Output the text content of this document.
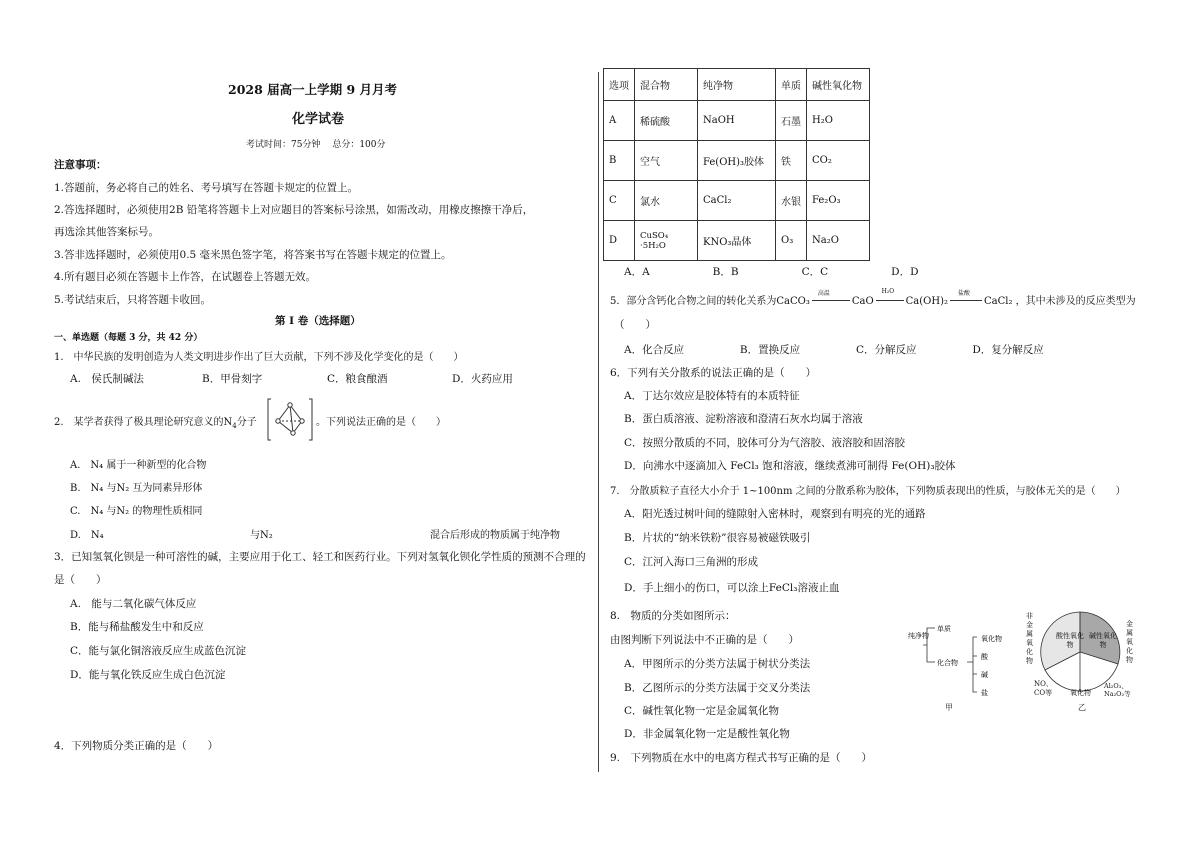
2028 届高一上学期 9 月月考
化学试卷
考试时间：75分钟　 总分：100分
注意事项：
1.答题前，务必将自己的姓名、考号填写在答题卡规定的位置上。
2.答选择题时，必须使用2B 铅笔将答题卡上对应题目的答案标号涂黑，如需改动，用橡皮擦擦干净后，
再选涂其他答案标号。
3.答非选择题时，必须使用0.5 毫米黑色签字笔，将答案书写在答题卡规定的位置上。
4.所有题目必须在答题卡上作答，在试题卷上答题无效。
5.考试结束后，只将答题卡收回。
第 I 卷（选择题）
一、单选题（每题 3 分，共 42 分）
1.　中华民族的发明创造为人类文明进步作出了巨大贡献，下列不涉及化学变化的是（　　）
A.　侯氏制碱法	B．甲骨刻字	C．粮食酿酒	D．火药应用
2.　某学者获得了极具理论研究意义的$N_4$分子	。下列说法正确的是（　　）
A.　N₄ 属于一种新型的化合物
B.　N₄ 与N₂ 互为同素异形体
C.　N₄ 与N₂ 的物理性质相同
D.　N₄	与N₂	混合后形成的物质属于纯净物
3．已知氢氧化钡是一种可溶性的碱，主要应用于化工、轻工和医药行业。下列对氢氧化钡化学性质的预测不合理的
是（　　）
A.　能与二氧化碳气体反应
B．能与稀盐酸发生中和反应
C．能与氯化铜溶液反应生成蓝色沉淀
D．能与氧化铁反应生成白色沉淀
4．下列物质分类正确的是（　　）
选项	混合物	纯净物	单质	碱性氧化物
A	稀硫酸	NaOH	石墨	H₂O
B	空气	Fe(OH)₃胶体	铁	CO₂
C	氯水	CaCl₂	水银	Fe₂O₃
D	CuSO₄ ·5H₂O	KNO₃晶体	O₃	Na₂O
A．A　　　　　　B．B　　　　　　C．C　　　　　　D．D
5．部分含钙化合物之间的转化关系为CaCO₃
高温
CaO
H₂O
Ca(OH)₂
盐酸
CaCl₂ ，其中未涉及的反应类型为
（　　）
A．化合反应　　　　　 B．置换反应　　　　　 C．分解反应　　　　　 D．复分解反应
6．下列有关分散系的说法正确的是（　　）
A．丁达尔效应是胶体特有的本质特征
B．蛋白质溶液、淀粉溶液和澄清石灰水均属于溶液
C．按照分散质的不同，胶体可分为气溶胶、液溶胶和固溶胶
D．向沸水中逐滴加入 FeCl₃ 饱和溶液，继续煮沸可制得 Fe(OH)₃胶体
7.　分散质粒子直径大小介于 1~100nm 之间的分散系称为胶体，下列物质表现出的性质，与胶体无关的是（　　）
A．阳光透过树叶间的缝隙射入密林时，观察到有明亮的光的通路
B．片状的“纳米铁粉”很容易被磁铁吸引
C．江河入海口三角洲的形成
D．手上细小的伤口，可以涂上FeCl₃溶液止血
8.　物质的分类如图所示：
由图判断下列说法中不正确的是（　　）
A．甲图所示的分类方法属于树状分类法
B．乙图所示的分类方法属于交叉分类法
C．碱性氧化物一定是金属氧化物
D．非金属氧化物一定是酸性氧化物
纯净物
单质
化合物
氧化物
酸
碱
盐
甲
酸性氧化物
碱性氧化物
非金属氧化物
金属氧化物
NO、CO等	氧化物
Al₂O₃、Na₂O₂等
乙
9.　下列物质在水中的电离方程式书写正确的是（　　）
